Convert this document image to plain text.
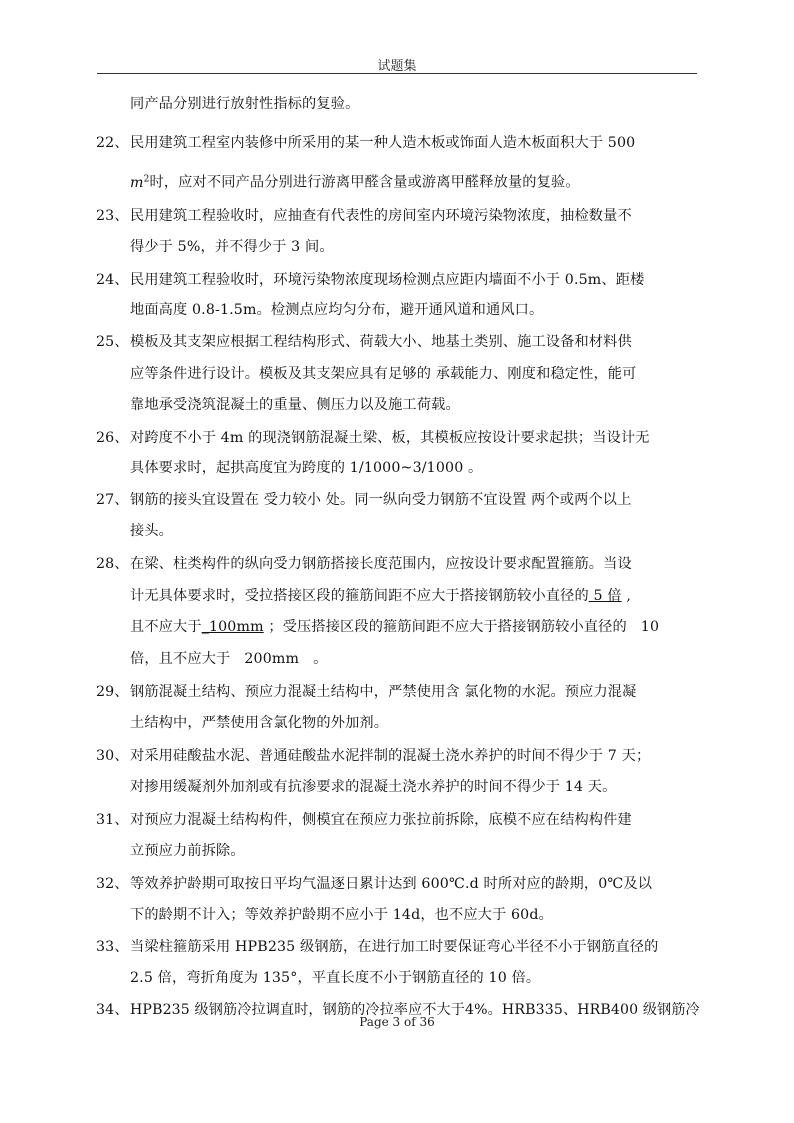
试题集
同产品分别进行放射性指标的复验。
22、 民用建筑工程室内装修中所采用的某一种人造木板或饰面人造木板面积大于 500
$m^2$时，应对不同产品分别进行游离甲醛含量或游离甲醛释放量的复验。
23、 民用建筑工程验收时，应抽查有代表性的房间室内环境污染物浓度，抽检数量不
得少于 5%，并不得少于 3 间。
24、 民用建筑工程验收时，环境污染物浓度现场检测点应距内墙面不小于 0.5m、距楼
地面高度 0.8-1.5m。检测点应均匀分布，避开通风道和通风口。
25、 模板及其支架应根据工程结构形式、荷载大小、地基土类别、施工设备和材料供
应等条件进行设计。模板及其支架应具有足够的 承载能力、刚度和稳定性，能可
靠地承受浇筑混凝土的重量、侧压力以及施工荷载。
26、 对跨度不小于 4m 的现浇钢筋混凝土梁、板，其模板应按设计要求起拱；当设计无
具体要求时，起拱高度宜为跨度的 1/1000~3/1000 。
27、 钢筋的接头宜设置在 受力较小 处。同一纵向受力钢筋不宜设置 两个或两个以上
接头。
28、 在梁、柱类构件的纵向受力钢筋搭接长度范围内，应按设计要求配置箍筋。当设
计无具体要求时，受拉搭接区段的箍筋间距不应大于搭接钢筋较小直径的 5 倍 ,
且不应大于_100mm ；受压搭接区段的箍筋间距不应大于搭接钢筋较小直径的 10
倍，且不应大于 200mm 。
29、 钢筋混凝土结构、预应力混凝土结构中，严禁使用含 氯化物的水泥。预应力混凝
土结构中，严禁使用含氯化物的外加剂。
30、 对采用硅酸盐水泥、普通硅酸盐水泥拌制的混凝土浇水养护的时间不得少于 7 天；
对掺用缓凝剂外加剂或有抗渗要求的混凝土浇水养护的时间不得少于 14 天。
31、 对预应力混凝土结构构件，侧模宜在预应力张拉前拆除，底模不应在结构构件建
立预应力前拆除。
32、 等效养护龄期可取按日平均气温逐日累计达到 600℃.d 时所对应的龄期，0℃及以
下的龄期不计入；等效养护龄期不应小于 14d，也不应大于 60d。
33、 当梁柱箍筋采用 HPB235 级钢筋，在进行加工时要保证弯心半径不小于钢筋直径的
2.5 倍，弯折角度为 135°，平直长度不小于钢筋直径的 10 倍。
34、 HPB235 级钢筋冷拉调直时，钢筋的冷拉率应不大于4%。HRB335、HRB400 级钢筋冷
Page 3 of 36
